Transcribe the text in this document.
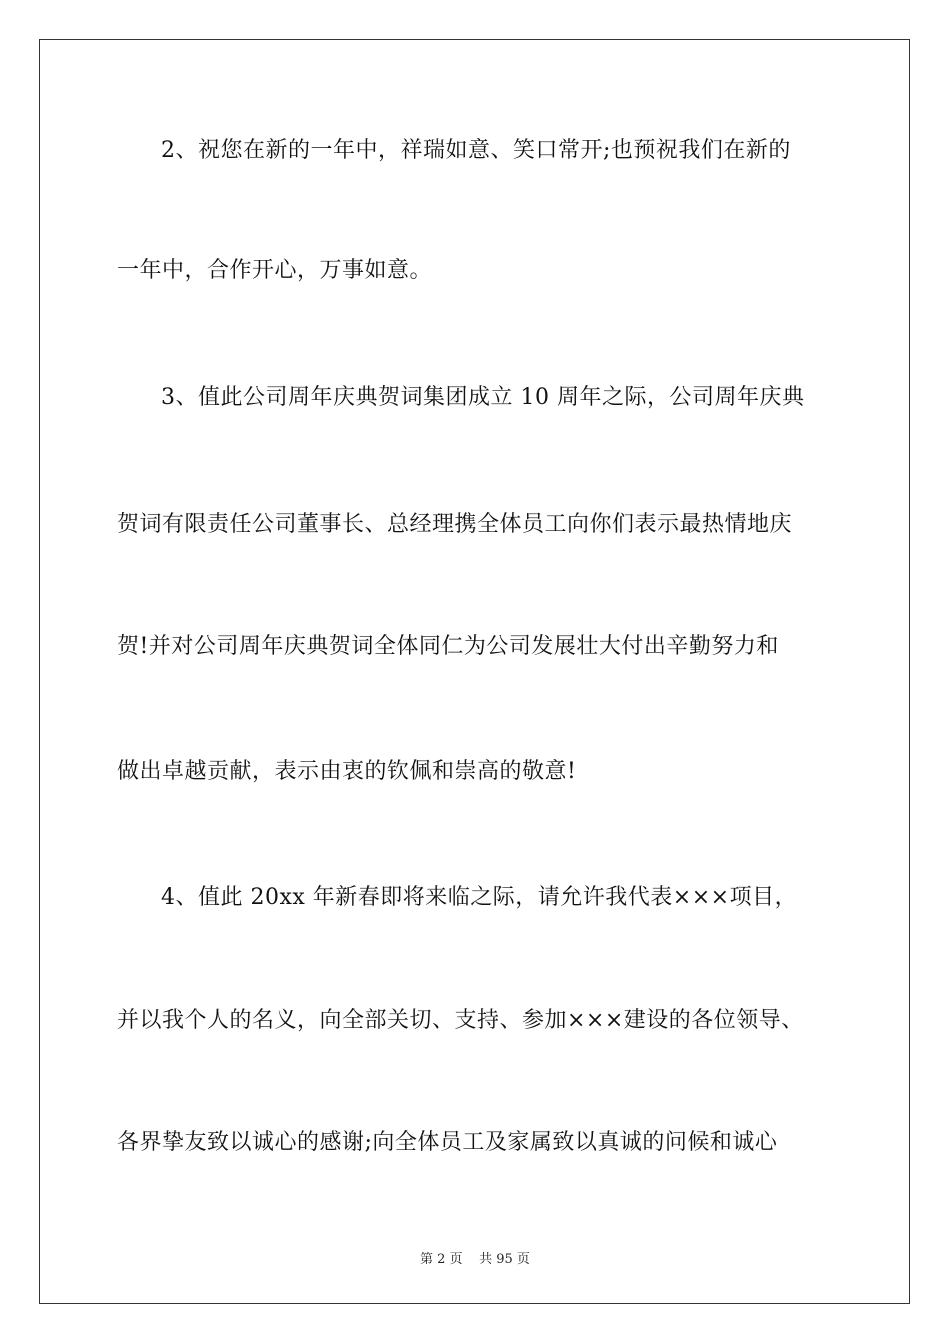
2、祝您在新的一年中，祥瑞如意、笑口常开;也预祝我们在新的
一年中，合作开心，万事如意。
3、值此公司周年庆典贺词集团成立 10 周年之际，公司周年庆典
贺词有限责任公司董事长、总经理携全体员工向你们表示最热情地庆
贺!并对公司周年庆典贺词全体同仁为公司发展壮大付出辛勤努力和
做出卓越贡献，表示由衷的钦佩和崇高的敬意!
4、值此 20xx 年新春即将来临之际，请允许我代表×××项目，
并以我个人的名义，向全部关切、支持、参加×××建设的各位领导、
各界挚友致以诚心的感谢;向全体员工及家属致以真诚的问候和诚心
第 2 页 共 95 页
